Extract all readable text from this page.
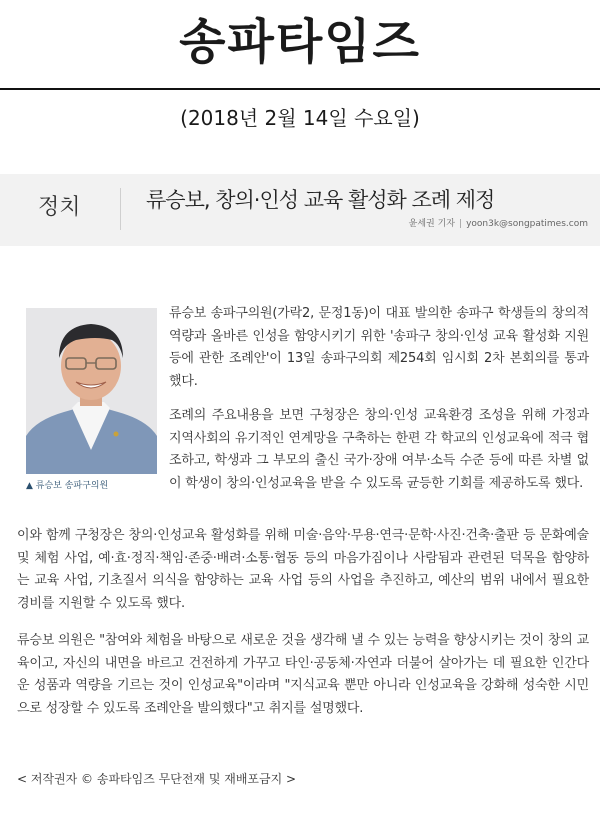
송파타임즈
(2018년 2월 14일 수요일)
정치	류승보, 창의·인성 교육 활성화 조례 제정
윤세권 기자 | yoon3k@songpatimes.com
▲ 류승보 송파구의원

류승보 송파구의원(가락2, 문정1동)이 대표 발의한 송파구 학생들의 창의적 역량과 올바른 인성을 함양시키기 위한 '송파구 창의·인성 교육 활성화 지원 등에 관한 조례안'이 13일 송파구의회 제254회 임시회 2차 본회의를 통과했다.

조례의 주요내용을 보면 구청장은 창의·인성 교육환경 조성을 위해 가정과 지역사회의 유기적인 연계망을 구축하는 한편 각 학교의 인성교육에 적극 협조하고, 학생과 그 부모의 출신 국가·장애 여부·소득 수준 등에 따른 차별 없이 학생이 창의·인성교육을 받을 수 있도록 균등한 기회를 제공하도록 했다.

이와 함께 구청장은 창의·인성교육 활성화를 위해 미술·음악·무용·연극·문학·사진·건축·출판 등 문화예술 및 체험 사업, 예·효·정직·책임·존중·배려·소통·협동 등의 마음가짐이나 사람됨과 관련된 덕목을 함양하는 교육 사업, 기초질서 의식을 함양하는 교육 사업 등의 사업을 추진하고, 예산의 범위 내에서 필요한 경비를 지원할 수 있도록 했다.

류승보 의원은 "참여와 체험을 바탕으로 새로운 것을 생각해 낼 수 있는 능력을 향상시키는 것이 창의 교육이고, 자신의 내면을 바르고 건전하게 가꾸고 타인·공동체·자연과 더불어 살아가는 데 필요한 인간다운 성품과 역량을 기르는 것이 인성교육"이라며 "지식교육 뿐만 아니라 인성교육을 강화해 성숙한 시민으로 성장할 수 있도록 조례안을 발의했다"고 취지를 설명했다.

< 저작권자 © 송파타임즈 무단전재 및 재배포금지 >
